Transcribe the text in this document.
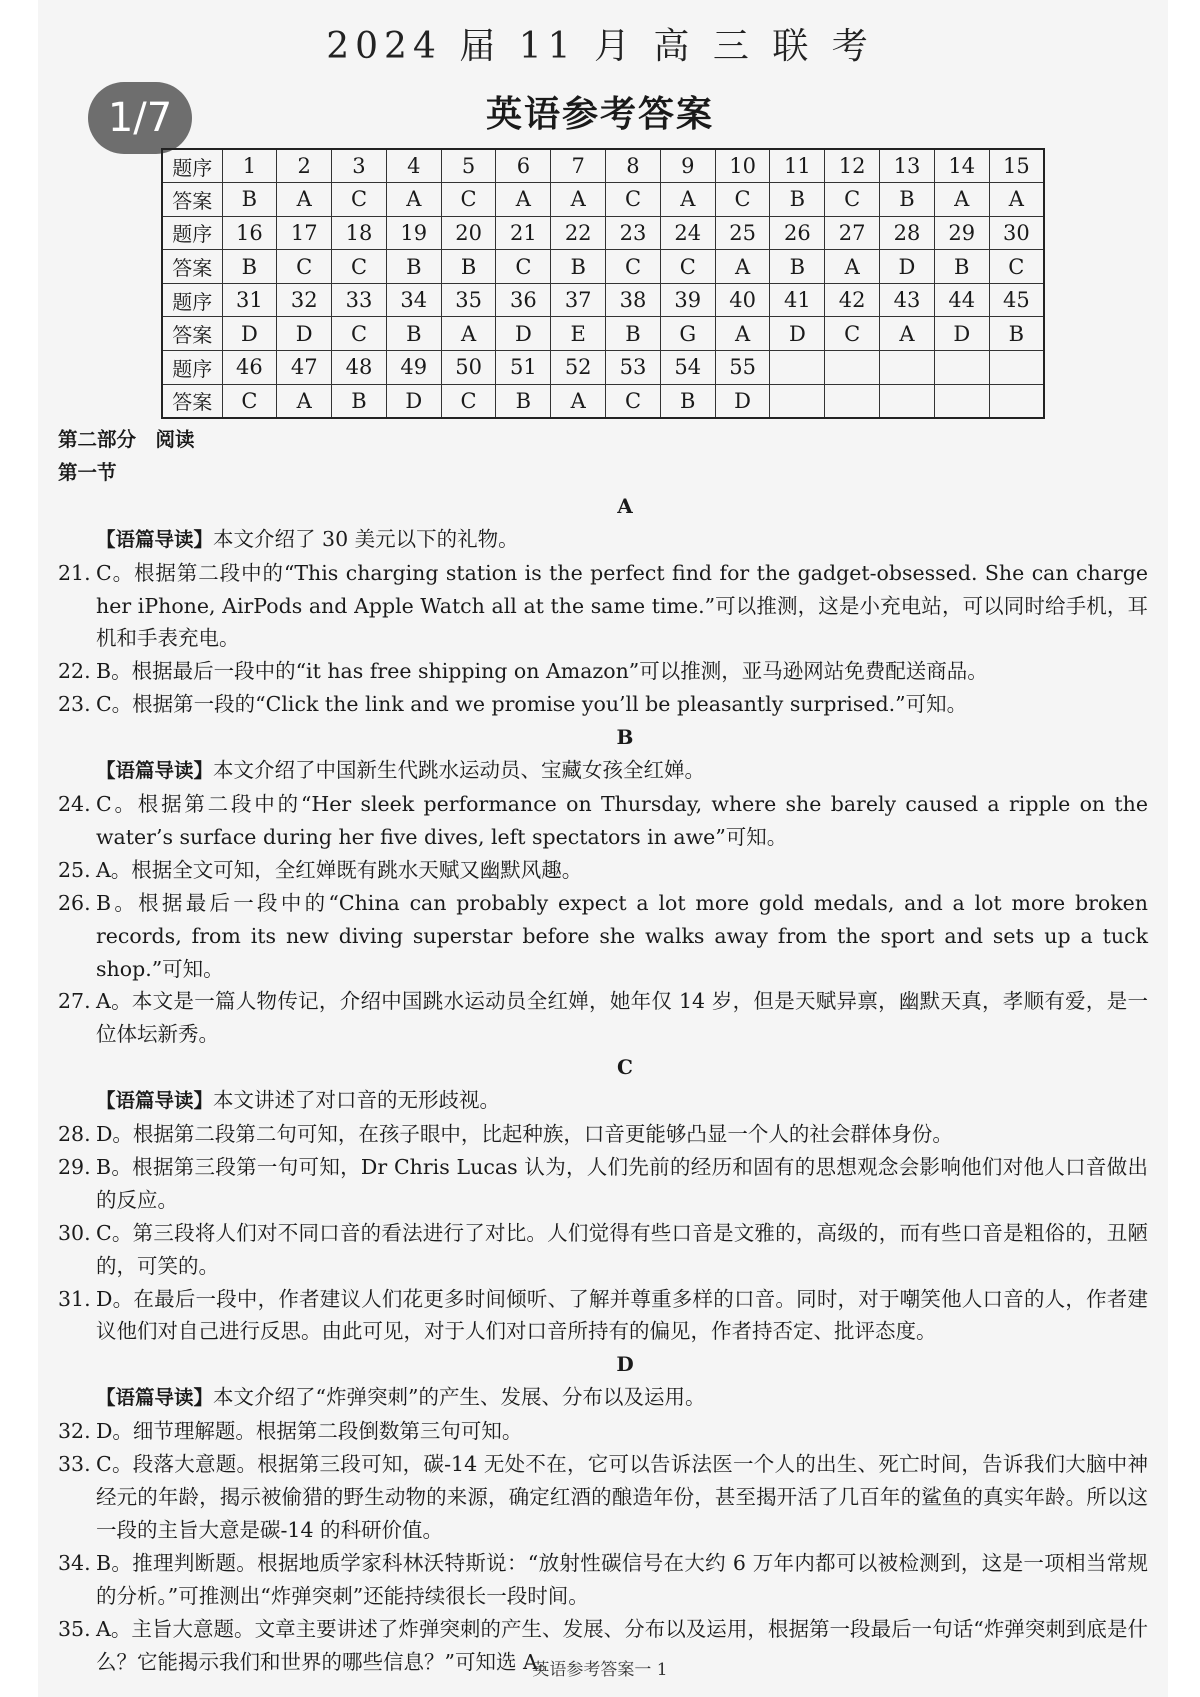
2024 届 11 月 高 三 联 考
1/7	英语参考答案
题序	1	2	3	4	5	6	7	8	9	10	11	12	13	14	15
答案	B	A	C	A	C	A	A	C	A	C	B	C	B	A	A
题序	16	17	18	19	20	21	22	23	24	25	26	27	28	29	30
答案	B	C	C	B	B	C	B	C	C	A	B	A	D	B	C
题序	31	32	33	34	35	36	37	38	39	40	41	42	43	44	45
答案	D	D	C	B	A	D	E	B	G	A	D	C	A	D	B
题序	46	47	48	49	50	51	52	53	54	55					
答案	C	A	B	D	C	B	A	C	B	D					
第二部分　阅读
第一节
A
【语篇导读】本文介绍了 30 美元以下的礼物。
21. C。根据第二段中的“This charging station is the perfect find for the gadget-obsessed. She can charge her iPhone, AirPods and Apple Watch all at the same time.”可以推测，这是小充电站，可以同时给手机，耳机和手表充电。
22. B。根据最后一段中的“it has free shipping on Amazon”可以推测，亚马逊网站免费配送商品。
23. C。根据第一段的“Click the link and we promise you’ll be pleasantly surprised.”可知。
B
【语篇导读】本文介绍了中国新生代跳水运动员、宝藏女孩全红婵。
24. C。根据第二段中的“Her sleek performance on Thursday, where she barely caused a ripple on the water’s surface during her five dives, left spectators in awe”可知。
25. A。根据全文可知，全红婵既有跳水天赋又幽默风趣。
26. B。根据最后一段中的“China can probably expect a lot more gold medals, and a lot more broken records, from its new diving superstar before she walks away from the sport and sets up a tuck shop.”可知。
27. A。本文是一篇人物传记，介绍中国跳水运动员全红婵，她年仅 14 岁，但是天赋异禀，幽默天真，孝顺有爱，是一位体坛新秀。
C
【语篇导读】本文讲述了对口音的无形歧视。
28. D。根据第二段第二句可知，在孩子眼中，比起种族，口音更能够凸显一个人的社会群体身份。
29. B。根据第三段第一句可知，Dr Chris Lucas 认为，人们先前的经历和固有的思想观念会影响他们对他人口音做出的反应。
30. C。第三段将人们对不同口音的看法进行了对比。人们觉得有些口音是文雅的，高级的，而有些口音是粗俗的，丑陋的，可笑的。
31. D。在最后一段中，作者建议人们花更多时间倾听、了解并尊重多样的口音。同时，对于嘲笑他人口音的人，作者建议他们对自己进行反思。由此可见，对于人们对口音所持有的偏见，作者持否定、批评态度。
D
【语篇导读】本文介绍了“炸弹突刺”的产生、发展、分布以及运用。
32. D。细节理解题。根据第二段倒数第三句可知。
33. C。段落大意题。根据第三段可知，碳-14 无处不在，它可以告诉法医一个人的出生、死亡时间，告诉我们大脑中神经元的年龄，揭示被偷猎的野生动物的来源，确定红酒的酿造年份，甚至揭开活了几百年的鲨鱼的真实年龄。所以这一段的主旨大意是碳-14 的科研价值。
34. B。推理判断题。根据地质学家科林沃特斯说：“放射性碳信号在大约 6 万年内都可以被检测到，这是一项相当常规的分析。”可推测出“炸弹突刺”还能持续很长一段时间。
35. A。主旨大意题。文章主要讲述了炸弹突刺的产生、发展、分布以及运用，根据第一段最后一句话“炸弹突刺到底是什么？它能揭示我们和世界的哪些信息？”可知选 A。
英语参考答案一 1
